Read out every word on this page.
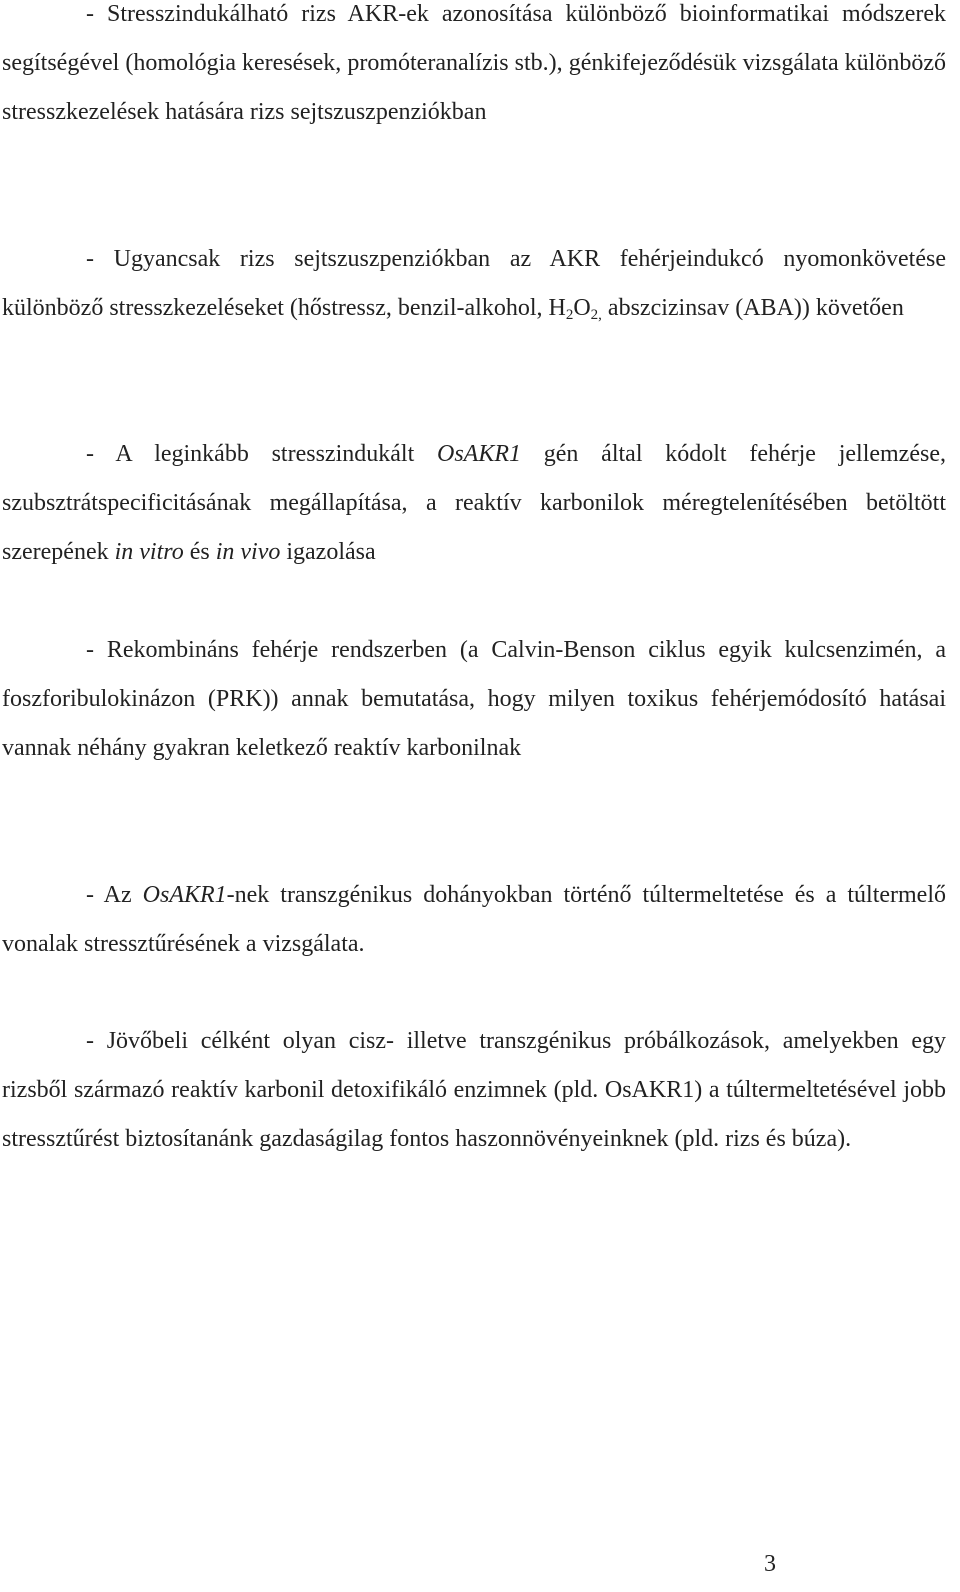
- Stresszindukálható rizs AKR-ek azonosítása különböző bioinformatikai módszerek segítségével (homológia keresések, promóteranalízis stb.), génkifejeződésük vizsgálata különböző stresszkezelések hatására rizs sejtszuszpenziókban

- Ugyancsak rizs sejtszuszpenziókban az AKR fehérjeindukcó nyomonkövetése különböző stresszkezeléseket (hőstressz, benzil-alkohol, $H_2O_{2,}$ abszcizinsav (ABA)) követően

- A leginkább stresszindukált OsAKR1 gén által kódolt fehérje jellemzése, szubsztrátspecificitásának megállapítása, a reaktív karbonilok méregtelenítésében betöltött szerepének in vitro és in vivo igazolása

- Rekombináns fehérje rendszerben (a Calvin-Benson ciklus egyik kulcsenzimén, a foszforibulokinázon (PRK)) annak bemutatása, hogy milyen toxikus fehérjemódosító hatásai vannak néhány gyakran keletkező reaktív karbonilnak

- Az OsAKR1-nek transzgénikus dohányokban történő túltermeltetése és a túltermelő vonalak stressztűrésének a vizsgálata.

- Jövőbeli célként olyan cisz- illetve transzgénikus próbálkozások, amelyekben egy rizsből származó reaktív karbonil detoxifikáló enzimnek (pld. OsAKR1) a túltermeltetésével jobb stressztűrést biztosítanánk gazdaságilag fontos haszonnövényeinknek (pld. rizs és búza).

3
